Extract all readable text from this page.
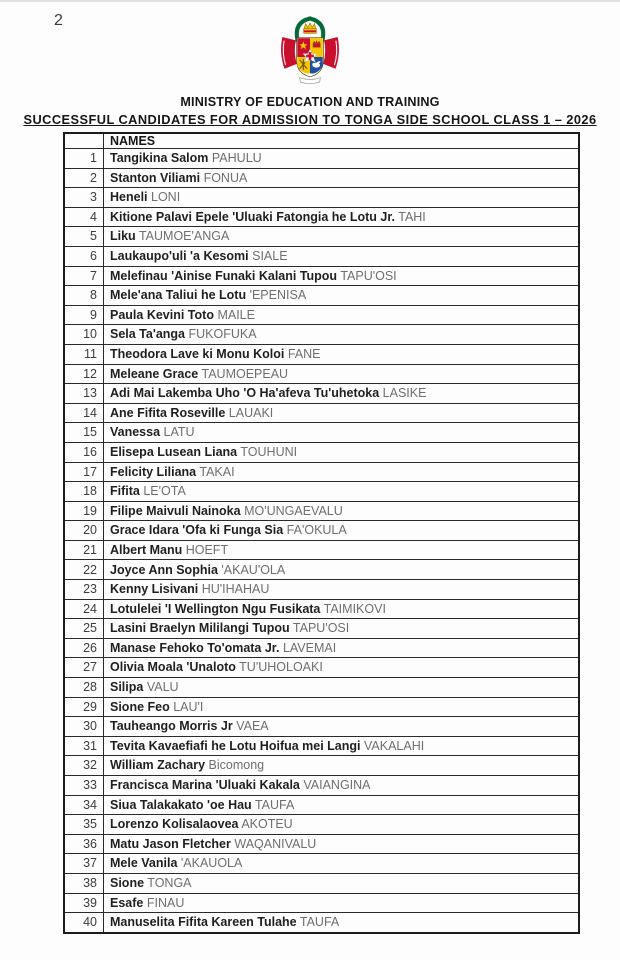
2
MINISTRY OF EDUCATION AND TRAINING
SUCCESSFUL CANDIDATES FOR ADMISSION TO TONGA SIDE SCHOOL CLASS 1 – 2026
	NAMES
1	Tangikina Salom PAHULU
2	Stanton Viliami FONUA
3	Heneli LONI
4	Kitione Palavi Epele 'Uluaki Fatongia he Lotu Jr. TAHI
5	Liku TAUMOE'ANGA
6	Laukaupo'uli 'a Kesomi SIALE
7	Melefinau 'Ainise Funaki Kalani Tupou TAPU'OSI
8	Mele'ana Taliui he Lotu 'EPENISA
9	Paula Kevini Toto MAILE
10	Sela Ta'anga FUKOFUKA
11	Theodora Lave ki Monu Koloi FANE
12	Meleane Grace TAUMOEPEAU
13	Adi Mai Lakemba Uho 'O Ha'afeva Tu'uhetoka LASIKE
14	Ane Fifita Roseville LAUAKI
15	Vanessa LATU
16	Elisepa Lusean Liana TOUHUNI
17	Felicity Liliana TAKAI
18	Fifita LE'OTA
19	Filipe Maivuli Nainoka MO'UNGAEVALU
20	Grace Idara 'Ofa ki Funga Sia FA'OKULA
21	Albert Manu HOEFT
22	Joyce Ann Sophia 'AKAU'OLA
23	Kenny Lisivani HU'IHAHAU
24	Lotulelei 'I Wellington Ngu Fusikata TAIMIKOVI
25	Lasini Braelyn Mililangi Tupou TAPU'OSI
26	Manase Fehoko To'omata Jr. LAVEMAI
27	Olivia Moala 'Unaloto TU'UHOLOAKI
28	Silipa VALU
29	Sione Feo LAU'I
30	Tauheango Morris Jr VAEA
31	Tevita Kavaefiafi he Lotu Hoifua mei Langi VAKALAHI
32	William Zachary Bicomong
33	Francisca Marina 'Uluaki Kakala VAIANGINA
34	Siua Talakakato 'oe Hau TAUFA
35	Lorenzo Kolisalaovea AKOTEU
36	Matu Jason Fletcher WAQANIVALU
37	Mele Vanila 'AKAUOLA
38	Sione TONGA
39	Esafe FINAU
40	Manuselita Fifita Kareen Tulahe TAUFA
